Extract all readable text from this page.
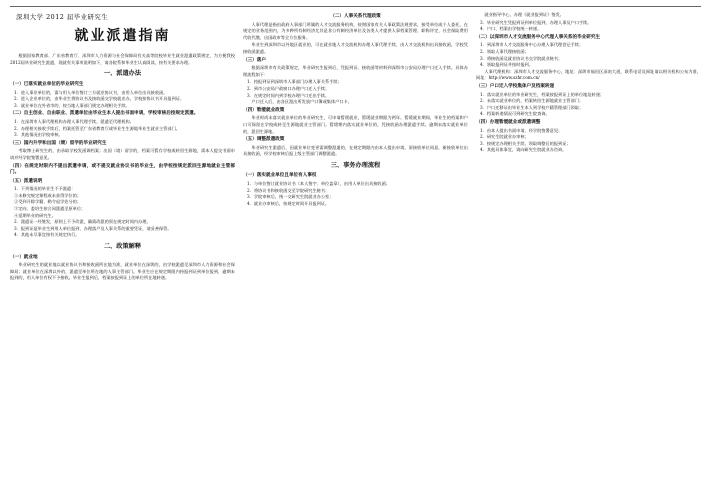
深圳大学 2012 届毕业研究生
就业派遣指南
根据国家教育部、广东省教育厅、深圳市人力资源与社会保障局有关高等院校毕业生就业派遣政策规定，为方便我校2012届毕业研究生派遣，现就有关事项说明如下，请各院系和毕业生认真阅读，按有关要求办理。
一、派遣办法
（一）已落实就业单位的毕业研究生
1．进入事业单位的，需与用人单位签订三方就业协议书，由用人单位出具接收函。
2．进入企业单位的，由毕业生将协议书及接收函交学校就业办，学校按协议书开具报到证。
3．就业单位在外省市的，按当地人事部门规定办理相关手续。
（二）自主创业、自由职业、派遣单位由毕业生本人提出书面申请，学校审核后按规定派遣。
1．在深圳市人事代理机构办理人事代理手续，派遣至代理机构。
2．办理相关接收手续后，档案托管至广东省教育厅或毕业生生源地毕业生就业主管部门。
3．其他情况由学校审核。
（三）国内升学和出国（境）留学的毕业研究生
考取博士研究生的，由录取学校发函调档案；出国（境）留学的，档案可暂存学校或转回生源地，需本人提交书面申请并经学院签署意见。
（四）在规定时限内不提出派遣申请，或不提交就业协议书的毕业生，由学校按规定派回生源地就业主管部门。
（五）派遣说明
1．下列情况的毕业生不予派遣：
①未修完规定课程或未获得学位的；
②受到开除学籍、勒令退学处分的；
③定向、委培生按合同派遣至原单位；
④延期毕业的研究生。
2．派遣证一经签发，原则上不予改派，确需改派的须在规定时间内办理。
3．报到证是毕业生到用人单位报到、办理落户及人事关系的重要凭证，请妥善保管。
4．其他未尽事宜按有关规定执行。
二、政策解释
（一）就业地
毕业研究生的就业地以就业协议书和接收函所在地为准，就业单位在深圳的，由学校派遣至深圳市人力资源和社会保障局；就业单位在深圳以外的，派遣至单位所在地的人事主管部门。毕业生应在规定期限内持报到证到单位报到，逾期未报到的，用人单位有权不予接收。毕业生报到后，档案按报到证上的单位所在地转递。
（二）人事关系代理政策
人事代理是指由政府人事部门所属的人才交流服务机构，按照国家有关人事政策法规要求，接受单位或个人委托，在规定的业务范围内，为多种所有制经济尤其是非公有制经济单位及各类人才提供人事档案管理、职称评定、社会保险费用代收代缴、出国政审等全方位服务。
毕业生到深圳市以外地区就业的，可在就业地人才交流机构办理人事代理手续，由人才交流机构出具接收函，学校凭接收函派遣。
（三）落户
根据深圳市有关政策规定，毕业研究生报到后，凭报到证、接收函等材料到深圳市公安局办理户口迁入手续。具体办理流程如下：
1．持报到证到深圳市人事部门办理人事关系手续；
2．到市公安局户政窗口办理户口迁入手续；
3．在规定时间内到学校办理户口迁出手续。
户口迁入后，由各区派出所发放户口簿或集体户口卡。
（四）暂缓就业政策
毕业时尚未落实就业单位的毕业研究生，可申请暂缓就业，暂缓就业期限为两年。暂缓就业期间，毕业生的档案和户口可保留在学校或转至生源地就业主管部门。暂缓期内落实就业单位的，凭接收函办理派遣手续。逾期未落实就业单位的，派回生源地。
（五）调整派遣政策
毕业研究生派遣后，因就业单位变更需调整派遣的，在规定期限内由本人提出申请，原接收单位同意，新接收单位出具接收函，经学校审核后报上级主管部门调整派遣。
三、事务办理流程
（一）落实就业单位且单位有人事权
1．与单位签订就业协议书（本人签字、单位盖章），由用人单位出具接收函；
2．将协议书和接收函交至学院研究生秘书；
3．学院审核后，统一交研究生院就业办公室；
4．就业办审核后，按规定时间开具报到证。
就业指导中心，办理《就业报到证》签发。
3．毕业研究生凭报到证到单位报到，办理人事及户口手续。
4．户口、档案由学校统一转递。
（二）以深圳市人才交流服务中心代理人事关系的毕业研究生
1．到深圳市人才交流服务中心办理人事代理登记手续；
2．领取人事代理接收函；
3．将接收函及就业协议书交学院就业秘书；
4．领取报到证并按时报到。
人事代理机构：深圳市人才交流服务中心，地址：深圳市福田区深南大道，联系电话及网址请以相关机构公布为准，网址：http://www.szhr.com.cn/
（三）户口迁入学校集体户及档案转递
1．落实就业单位的毕业研究生，档案按报到证上的单位地址转递；
2．未落实就业单位的，档案转回生源地就业主管部门；
3．户口迁移证由毕业生本人到学校户籍管理部门领取；
4．档案转递情况可到研究生院查询。
（四）办理暂缓就业或派遣调整
1．由本人提出书面申请，经学院签署意见；
2．研究生院就业办审核；
3．按规定办理相关手续，领取调整后的报到证；
4．其他具体事宜，请向研究生院就业办咨询。
